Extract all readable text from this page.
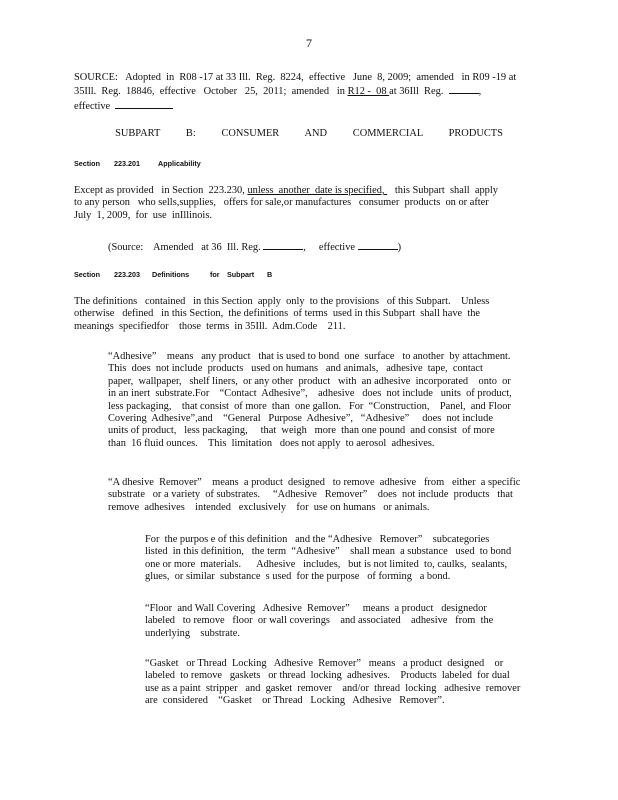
7
SOURCE:   Adopted  in  R08 -17 at 33 Ill.  Reg.  8224,  effective   June  8, 2009;  amended   in R09 -19 at
35Ill.  Reg.  18846,  effective   October   25,  2011;  amended   in R12 -  08 at 36Ill  Reg.	,
effective
SUBPART   B:   CONSUMER   AND   COMMERCIAL   PRODUCTS
Section 223.201	Applicability
Except as provided   in Section  223.230, unless  another  date is specified,    this Subpart  shall  apply
to any person   who sells,supplies,   offers for sale,or manufactures   consumer  products  on or after
July  1, 2009,  for  use  inIllinois.
(Source:    Amended   at 36  Ill. Reg.	,     effective	)
Section 223.203 Definitions	for Subpart B
The definitions   contained   in this Section  apply  only  to the provisions   of this Subpart.    Unless
otherwise   defined   in this Section,  the definitions  of terms  used in this Subpart  shall have  the
meanings  specifiedfor    those  terms  in 35Ill.  Adm.Code    211.
“Adhesive”    means   any product   that is used to bond  one  surface   to another  by attachment.
This  does  not include  products   used on humans   and animals,   adhesive  tape,  contact
paper,  wallpaper,   shelf liners,  or any other  product   with  an adhesive  incorporated    onto  or
in an inert  substrate.For    “Contact  Adhesive”,    adhesive   does  not include   units  of product,
less packaging,    that consist  of more  than  one gallon.   For  “Construction,    Panel,  and Floor
Covering  Adhesive”,and    “General   Purpose  Adhesive”,   “Adhesive”     does  not include
units of product,   less packaging,     that  weigh   more  than one pound  and consist  of more
than  16 fluid ounces.    This  limitation   does not apply  to aerosol  adhesives.
“A dhesive  Remover”    means  a product  designed   to remove  adhesive   from   either  a specific
substrate   or a variety  of substrates.     “Adhesive   Remover”    does  not include  products   that
remove  adhesives    intended   exclusively    for  use on humans   or animals.
For  the purpos e of this definition   and the “Adhesive   Remover”    subcategories
listed  in this definition,   the term  “Adhesive”    shall mean  a substance   used  to bond
one or more  materials.      Adhesive   includes,   but is not limited  to, caulks,  sealants,
glues,  or similar  substance  s used  for the purpose   of forming   a bond.
“Floor  and Wall Covering   Adhesive  Remover”     means  a product   designedor
labeled   to remove   floor  or wall coverings    and associated    adhesive   from  the
underlying    substrate.
“Gasket   or Thread  Locking   Adhesive  Remover”   means   a product  designed    or
labeled  to remove   gaskets   or thread  locking  adhesives.    Products  labeled  for dual
use as a paint  stripper   and  gasket  remover    and/or  thread  locking   adhesive  remover
are  considered    “Gasket    or Thread   Locking   Adhesive   Remover”.
